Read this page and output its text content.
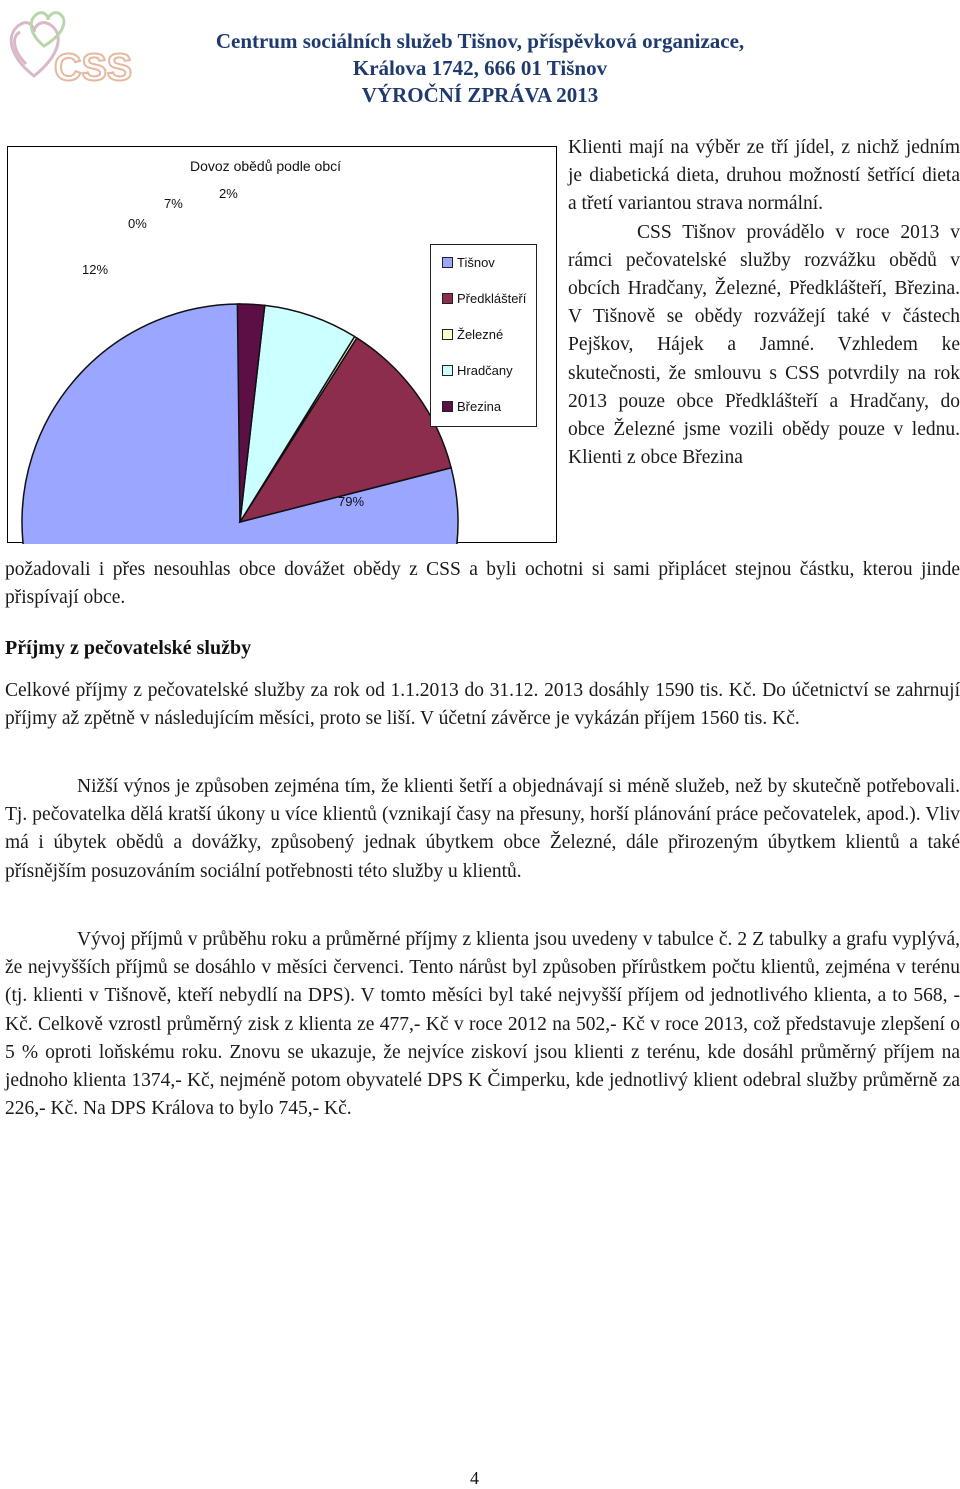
CSS
Centrum sociálních služeb Tišnov, příspěvková organizace,
Králova 1742, 666 01 Tišnov
VÝROČNÍ ZPRÁVA 2013
Dovoz obědů podle obcí
79%
12%
0%
7%
2%
Tišnov
Předklášteří
Železné
Hradčany
Březina

Klienti mají na výběr ze tří jídel, z nichž jedním je diabetická dieta, druhou možností šetřící dieta a třetí variantou strava normální.

CSS Tišnov provádělo v roce 2013 v rámci pečovatelské služby rozvážku obědů v obcích Hradčany, Železné, Předklášteří, Březina. V Tišnově se obědy rozvážejí také v částech Pejškov, Hájek a Jamné. Vzhledem ke skutečnosti, že smlouvu s CSS potvrdily na rok 2013 pouze obce Předklášteří a Hradčany, do obce Železné jsme vozili obědy pouze v lednu. Klienti z obce Březina

požadovali i přes nesouhlas obce dovážet obědy z CSS a byli ochotni si sami připlácet stejnou částku, kterou jinde přispívají obce.
Příjmy z pečovatelské služby

Celkové příjmy z pečovatelské služby za rok od 1.1.2013 do 31.12. 2013 dosáhly 1590 tis. Kč. Do účetnictví se zahrnují příjmy až zpětně v následujícím měsíci, proto se liší. V účetní závěrce je vykázán příjem 1560 tis. Kč.

Nižší výnos je způsoben zejména tím, že klienti šetří a objednávají si méně služeb, než by skutečně potřebovali. Tj. pečovatelka dělá kratší úkony u více klientů (vznikají časy na přesuny, horší plánování práce pečovatelek, apod.). Vliv má i úbytek obědů a dovážky, způsobený jednak úbytkem obce Železné, dále přirozeným úbytkem klientů a také přísnějším posuzováním sociální potřebnosti této služby u klientů.

Vývoj příjmů v průběhu roku a průměrné příjmy z klienta jsou uvedeny v tabulce č. 2 Z tabulky a grafu vyplývá, že nejvyšších příjmů se dosáhlo v měsíci červenci. Tento nárůst byl způsoben přírůstkem počtu klientů, zejména v terénu (tj. klienti v Tišnově, kteří nebydlí na DPS). V tomto měsíci byl také nejvyšší příjem od jednotlivého klienta, a to 568, - Kč. Celkově vzrostl průměrný zisk z klienta ze 477,- Kč v roce 2012 na 502,- Kč v roce 2013, což představuje zlepšení o 5 % oproti loňskému roku. Znovu se ukazuje, že nejvíce ziskoví jsou klienti z terénu, kde dosáhl průměrný příjem na jednoho klienta 1374,- Kč, nejméně potom obyvatelé DPS K Čimperku, kde jednotlivý klient odebral služby průměrně za 226,- Kč. Na DPS Králova to bylo 745,- Kč.

4
